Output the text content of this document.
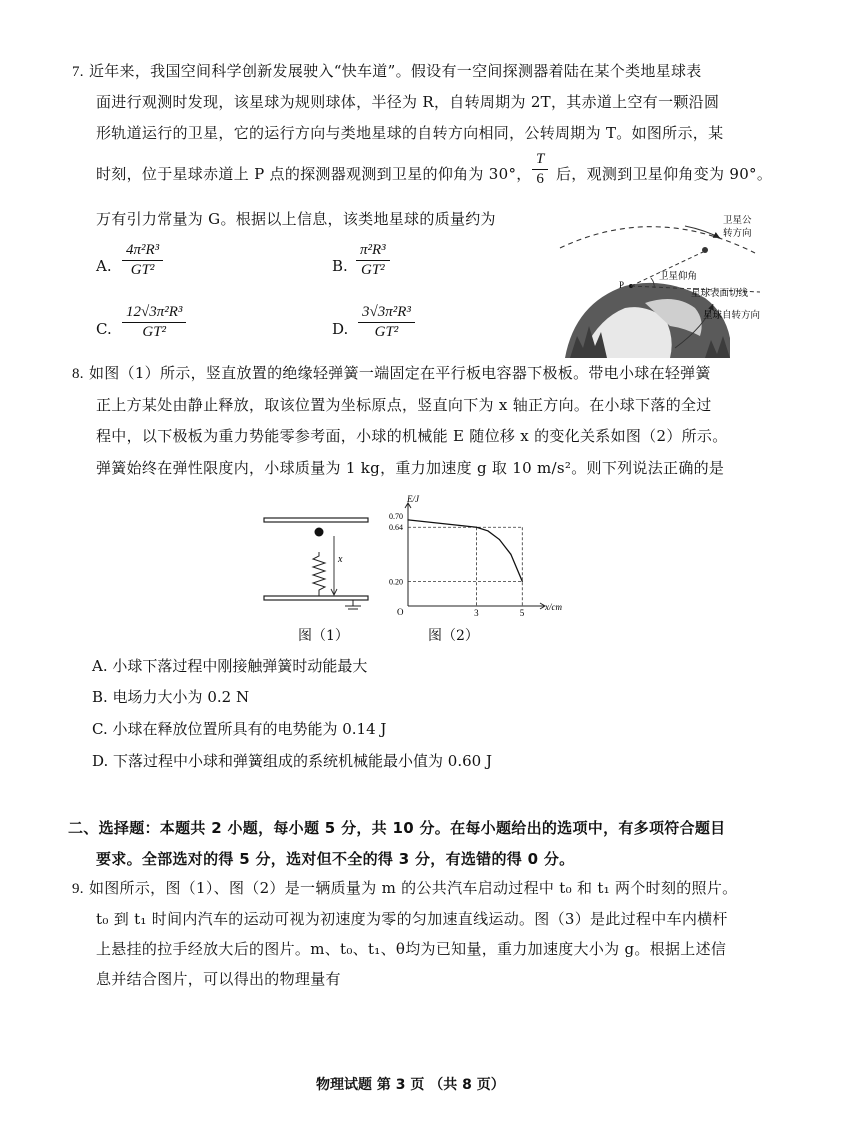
7. 近年来，我国空间科学创新发展驶入“快车道”。假设有一空间探测器着陆在某个类地星球表
面进行观测时发现，该星球为规则球体，半径为 R，自转周期为 2T，其赤道上空有一颗沿圆
形轨道运行的卫星，它的运行方向与类地星球的自转方向相同，公转周期为 T。如图所示，某
时刻，位于星球赤道上 P 点的探测器观测到卫星的仰角为 30°，
T
6 后，观测到卫星仰角变为 90°。
万有引力常量为 G。根据以上信息，该类地星球的质量约为
A.
4π²R³
GT²	B.
π²R³
GT²
C.
12√3π²R³
GT²	D.
3√3π²R³
GT²
P
卫星公
转方向
卫星仰角
星球表面切线
星球自转方向
8. 如图（1）所示，竖直放置的绝缘轻弹簧一端固定在平行板电容器下极板。带电小球在轻弹簧
正上方某处由静止释放，取该位置为坐标原点，竖直向下为 x 轴正方向。在小球下落的全过
程中，以下极板为重力势能零参考面，小球的机械能 E 随位移 x 的变化关系如图（2）所示。
弹簧始终在弹性限度内，小球质量为 1 kg，重力加速度 g 取 10 m/s²。则下列说法正确的是
x
图（1）
E/J
x/cm
O
0.70
0.64
0.20
3	5
图（2）
A. 小球下落过程中刚接触弹簧时动能最大
B. 电场力大小为 0.2 N
C. 小球在释放位置所具有的电势能为 0.14 J
D. 下落过程中小球和弹簧组成的系统机械能最小值为 0.60 J
二、选择题：本题共 2 小题，每小题 5 分，共 10 分。在每小题给出的选项中，有多项符合题目
要求。全部选对的得 5 分，选对但不全的得 3 分，有选错的得 0 分。
9. 如图所示，图（1）、图（2）是一辆质量为 m 的公共汽车启动过程中 t₀ 和 t₁ 两个时刻的照片。
t₀ 到 t₁ 时间内汽车的运动可视为初速度为零的匀加速直线运动。图（3）是此过程中车内横杆
上悬挂的拉手经放大后的图片。m、t₀、t₁、θ均为已知量，重力加速度大小为 g。根据上述信
息并结合图片，可以得出的物理量有
物理试题 第 3 页 （共 8 页）
